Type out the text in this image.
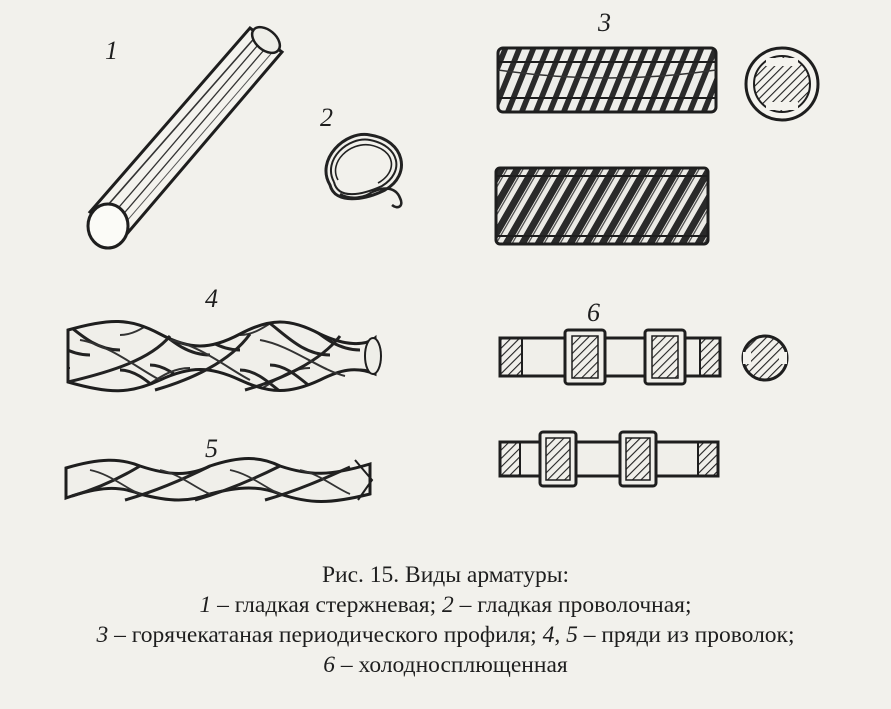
1
2
3
4
5
6
Рис. 15. Виды арматуры:
1 – гладкая стержневая; 2 – гладкая проволочная;
3 – горячекатаная периодического профиля; 4, 5 – пряди из проволок;
6 – холодносплющенная
